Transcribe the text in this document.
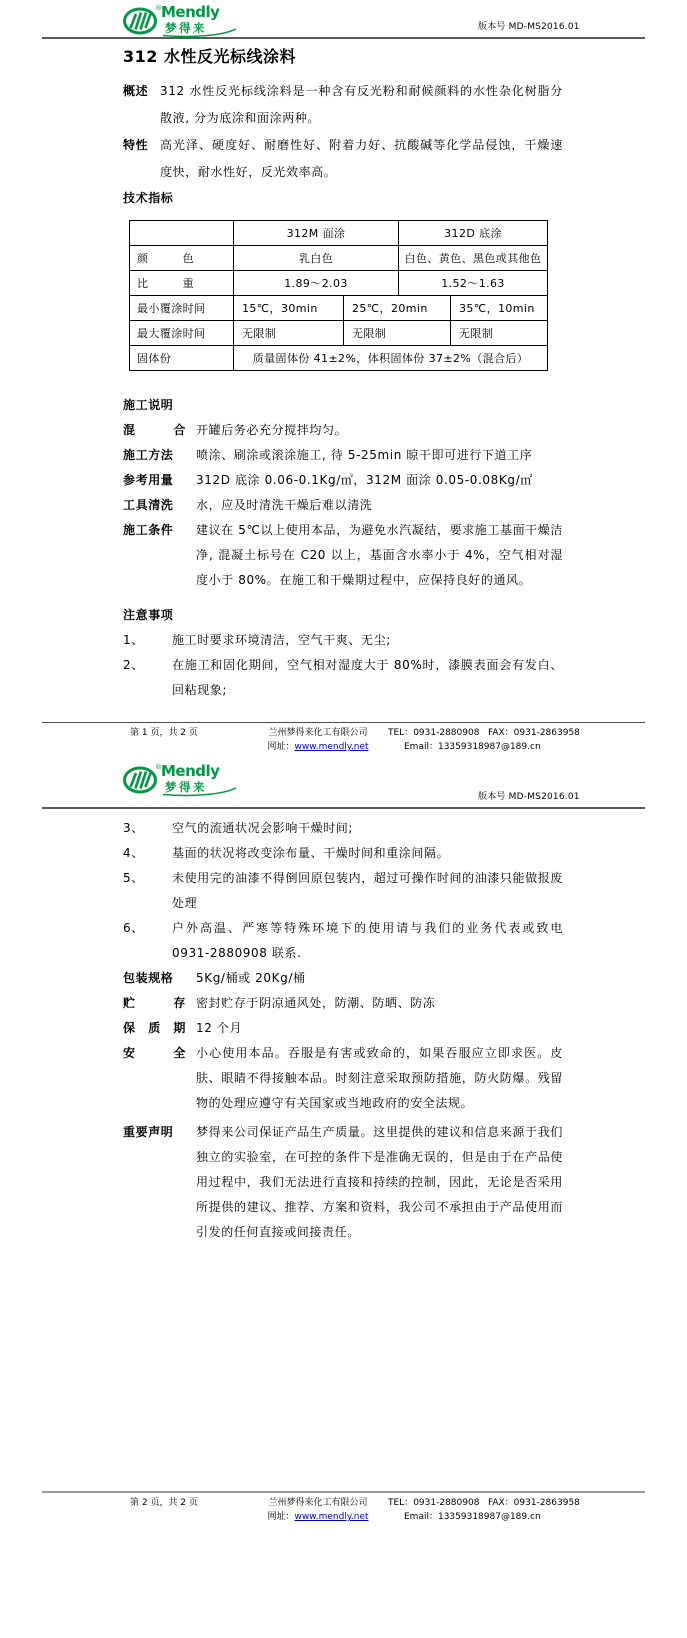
® Mendly
梦得来	版本号 MD-MS2016.01
312 水性反光标线涂料
概述 312 水性反光标线涂料是一种含有反光粉和耐候颜料的水性杂化树脂分散液, 分为底涂和面涂两种。
特性 高光泽、硬度好、耐磨性好、附着力好、抗酸碱等化学品侵蚀，干燥速度快，耐水性好，反光效率高。
技术指标
	312M 面涂		312D 底涂	
颜　　　色	乳白色		白色、黄色、黑色或其他色	
比　　　重	1.89～2.03		1.52～1.63	
最小覆涂时间	15℃，30min	25℃，20min		35℃，10min
最大覆涂时间	无限制	无限制		无限制
固体份	质量固体份 41±2%，体积固体份 37±2%（混合后）			
施工说明
混　　　合 开罐后务必充分搅拌均匀。
施工方法	喷涂、刷涂或滚涂施工, 待 5-25min 晾干即可进行下道工序
参考用量	312D 底涂 0.06-0.1Kg/㎡，312M 面涂 0.05-0.08Kg/㎡
工具清洗	水，应及时清洗干燥后难以清洗
施工条件	建议在 5℃以上使用本品，为避免水汽凝结，要求施工基面干燥洁净, 混凝土标号在 C20 以上，基面含水率小于 4%，空气相对湿度小于 80%。在施工和干燥期过程中，应保持良好的通风。
注意事项
1、	施工时要求环境清洁，空气干爽、无尘;
2、	在施工和固化期间，空气相对湿度大于 80%时，漆膜表面会有发白、回粘现象;
第 1 页，共 2 页	兰州梦得来化工有限公司	TEL：0931-2880908 FAX：0931-2863958
网址：www.mendly.net	Email：13359318987@189.cn
® Mendly
梦得来
版本号 MD-MS2016.01
3、	空气的流通状况会影响干燥时间;
4、	基面的状况将改变涂布量、干燥时间和重涂间隔。
5、	未使用完的油漆不得倒回原包装内，超过可操作时间的油漆只能做报废处理
6、	户外高温、严寒等特殊环境下的使用请与我们的业务代表或致电 0931-2880908 联系.
包装规格	5Kg/桶或 20Kg/桶
贮　　　存 密封贮存于阴凉通风处，防潮、防晒、防冻
保　质　期 12 个月
安　　　全 小心使用本品。吞服是有害或致命的，如果吞服应立即求医。皮肤、眼睛不得接触本品。时刻注意采取预防措施，防火防爆。残留物的处理应遵守有关国家或当地政府的安全法规。
重要声明	梦得来公司保证产品生产质量。这里提供的建议和信息来源于我们独立的实验室，在可控的条件下是准确无误的，但是由于在产品使用过程中，我们无法进行直接和持续的控制，因此，无论是否采用所提供的建议、推荐、方案和资料，我公司不承担由于产品使用而引发的任何直接或间接责任。
第 2 页，共 2 页	兰州梦得来化工有限公司	TEL：0931-2880908 FAX：0931-2863958
网址：www.mendly.net	Email：13359318987@189.cn
